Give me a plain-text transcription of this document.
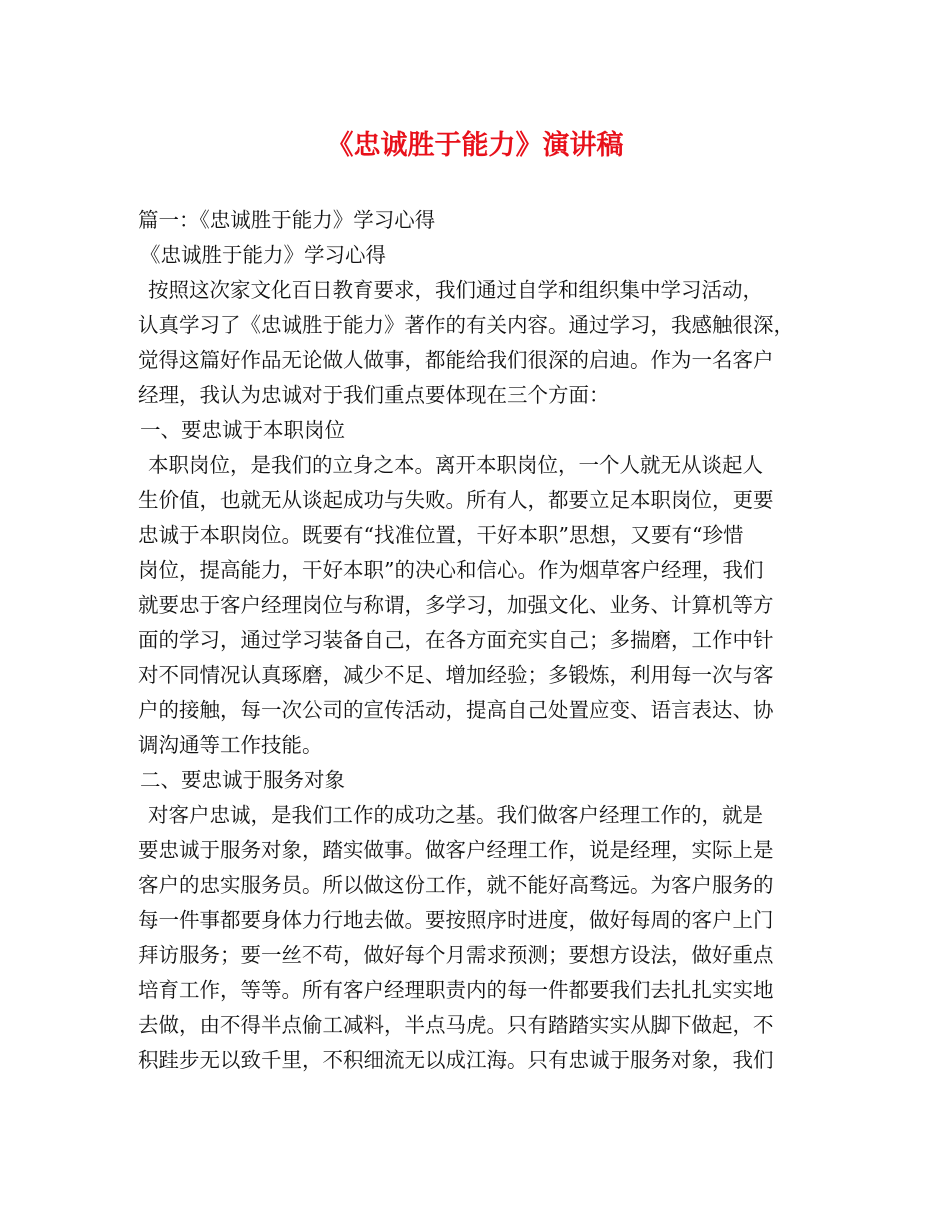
《忠诚胜于能力》演讲稿
篇一：《忠诚胜于能力》学习心得
《忠诚胜于能力》学习心得
按照这次家文化百日教育要求，我们通过自学和组织集中学习活动，
认真学习了《忠诚胜于能力》著作的有关内容。通过学习，我感触很深，
觉得这篇好作品无论做人做事，都能给我们很深的启迪。作为一名客户
经理，我认为忠诚对于我们重点要体现在三个方面：
一、要忠诚于本职岗位
本职岗位，是我们的立身之本。离开本职岗位，一个人就无从谈起人
生价值，也就无从谈起成功与失败。所有人，都要立足本职岗位，更要
忠诚于本职岗位。既要有“找准位置，干好本职”思想，又要有“珍惜
岗位，提高能力，干好本职”的决心和信心。作为烟草客户经理，我们
就要忠于客户经理岗位与称谓，多学习，加强文化、业务、计算机等方
面的学习，通过学习装备自己，在各方面充实自己；多揣磨，工作中针
对不同情况认真琢磨，减少不足、增加经验；多锻炼，利用每一次与客
户的接触，每一次公司的宣传活动，提高自己处置应变、语言表达、协
调沟通等工作技能。
二、要忠诚于服务对象
对客户忠诚，是我们工作的成功之基。我们做客户经理工作的，就是
要忠诚于服务对象，踏实做事。做客户经理工作，说是经理，实际上是
客户的忠实服务员。所以做这份工作，就不能好高骛远。为客户服务的
每一件事都要身体力行地去做。要按照序时进度，做好每周的客户上门
拜访服务；要一丝不苟，做好每个月需求预测；要想方设法，做好重点
培育工作，等等。所有客户经理职责内的每一件都要我们去扎扎实实地
去做，由不得半点偷工减料，半点马虎。只有踏踏实实从脚下做起，不
积跬步无以致千里，不积细流无以成江海。只有忠诚于服务对象，我们
